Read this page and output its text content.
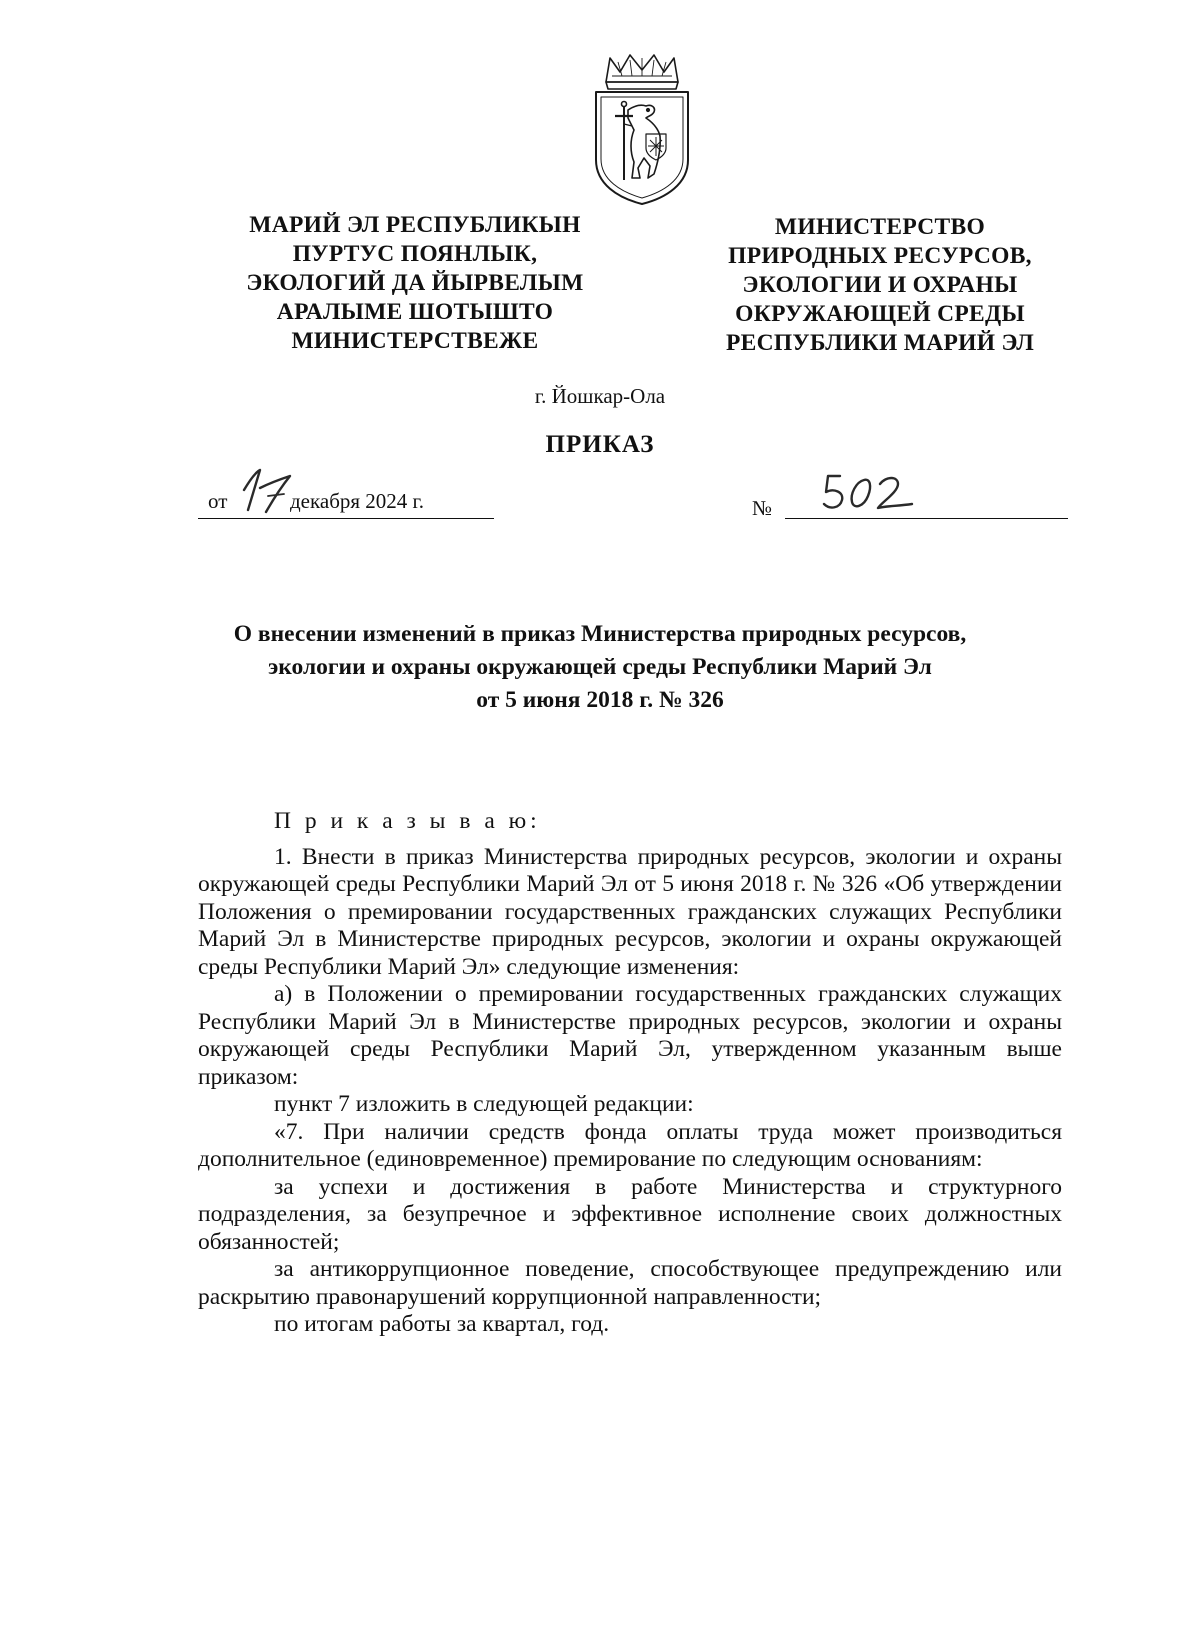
МАРИЙ ЭЛ РЕСПУБЛИКЫН
ПУРТУС ПОЯНЛЫК,
ЭКОЛОГИЙ ДА ЙЫРВЕЛЫМ
АРАЛЫМЕ ШОТЫШТО
МИНИСТЕРСТВЕЖЕ
МИНИСТЕРСТВО
ПРИРОДНЫХ РЕСУРСОВ,
ЭКОЛОГИИ И ОХРАНЫ
ОКРУЖАЮЩЕЙ СРЕДЫ
РЕСПУБЛИКИ МАРИЙ ЭЛ
г. Йошкар-Ола
ПРИКАЗ
от	декабря 2024 г.
17	№ 502
О внесении изменений в приказ Министерства природных ресурсов,
экологии и охраны окружающей среды Республики Марий Эл
от 5 июня 2018 г. № 326

П р и к а з ы в а ю:

1. Внести в приказ Министерства природных ресурсов, экологии и охраны окружающей среды Республики Марий Эл от 5 июня 2018 г. № 326 «Об утверждении Положения о премировании государственных гражданских служащих Республики Марий Эл в Министерстве природных ресурсов, экологии и охраны окружающей среды Республики Марий Эл» следующие изменения:

а) в Положении о премировании государственных гражданских служащих Республики Марий Эл в Министерстве природных ресурсов, экологии и охраны окружающей среды Республики Марий Эл, утвержденном указанным выше приказом:

пункт 7 изложить в следующей редакции:

«7. При наличии средств фонда оплаты труда может производиться дополнительное (единовременное) премирование по следующим основаниям:

за успехи и достижения в работе Министерства и структурного подразделения, за безупречное и эффективное исполнение своих должностных обязанностей;

за антикоррупционное поведение, способствующее предупреждению или раскрытию правонарушений коррупционной направленности;

по итогам работы за квартал, год.
